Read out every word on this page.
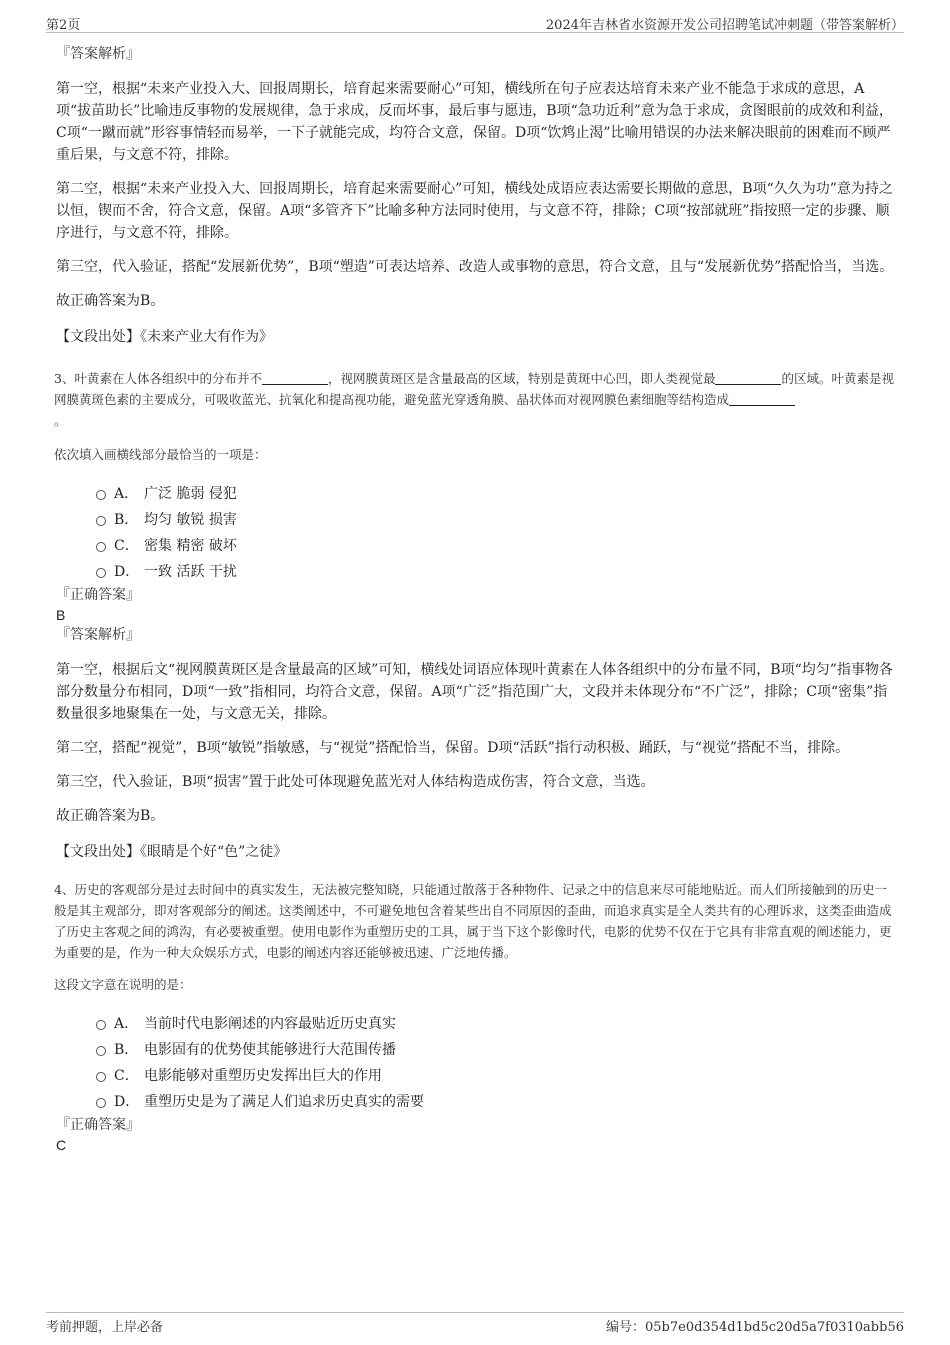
第2页	2024年吉林省水资源开发公司招聘笔试冲刺题（带答案解析）

『答案解析』

第一空，根据“未来产业投入大、回报周期长，培育起来需要耐心”可知，横线所在句子应表达培育未来产业不能急于求成的意思，A项“拔苗助长”比喻违反事物的发展规律，急于求成，反而坏事，最后事与愿违，B项“急功近利”意为急于求成，贪图眼前的成效和利益，C项“一蹴而就”形容事情轻而易举，一下子就能完成，均符合文意，保留。D项“饮鸩止渴”比喻用错误的办法来解决眼前的困难而不顾严重后果，与文意不符，排除。

第二空，根据“未来产业投入大、回报周期长，培育起来需要耐心”可知，横线处成语应表达需要长期做的意思，B项“久久为功”意为持之以恒，锲而不舍，符合文意，保留。A项“多管齐下”比喻多种方法同时使用，与文意不符，排除；C项“按部就班”指按照一定的步骤、顺序进行，与文意不符，排除。

第三空，代入验证，搭配“发展新优势”，B项“塑造”可表达培养、改造人或事物的意思，符合文意，且与“发展新优势”搭配恰当，当选。

故正确答案为B。

【文段出处】《未来产业大有作为》

3、叶黄素在人体各组织中的分布并不	，视网膜黄斑区是含量最高的区域，特别是黄斑中心凹，即人类视觉最	的区域。叶黄素是视网膜黄斑色素的主要成分，可吸收蓝光、抗氧化和提高视功能，避免蓝光穿透角膜、晶状体而对视网膜色素细胞等结构造成
。

依次填入画横线部分最恰当的一项是：

A． 广泛 脆弱 侵犯
B． 均匀 敏锐 损害
C． 密集 精密 破坏
D． 一致 活跃 干扰

『正确答案』

B

『答案解析』

第一空，根据后文“视网膜黄斑区是含量最高的区域”可知，横线处词语应体现叶黄素在人体各组织中的分布量不同，B项“均匀”指事物各部分数量分布相同，D项“一致”指相同，均符合文意，保留。A项“广泛”指范围广大，文段并未体现分布“不广泛”，排除；C项“密集”指数量很多地聚集在一处，与文意无关，排除。

第二空，搭配“视觉”，B项“敏锐”指敏感，与“视觉”搭配恰当，保留。D项“活跃”指行动积极、踊跃，与“视觉”搭配不当，排除。

第三空，代入验证，B项“损害”置于此处可体现避免蓝光对人体结构造成伤害，符合文意，当选。

故正确答案为B。

【文段出处】《眼睛是个好“色”之徒》

4、历史的客观部分是过去时间中的真实发生，无法被完整知晓，只能通过散落于各种物件、记录之中的信息来尽可能地贴近。而人们所接触到的历史一般是其主观部分，即对客观部分的阐述。这类阐述中，不可避免地包含着某些出自不同原因的歪曲，而追求真实是全人类共有的心理诉求，这类歪曲造成了历史主客观之间的鸿沟，有必要被重塑。使用电影作为重塑历史的工具，属于当下这个影像时代，电影的优势不仅在于它具有非常直观的阐述能力，更为重要的是，作为一种大众娱乐方式，电影的阐述内容还能够被迅速、广泛地传播。

这段文字意在说明的是：

A． 当前时代电影阐述的内容最贴近历史真实
B． 电影固有的优势使其能够进行大范围传播
C． 电影能够对重塑历史发挥出巨大的作用
D． 重塑历史是为了满足人们追求历史真实的需要

『正确答案』

C

考前押题，上岸必备	编号：05b7e0d354d1bd5c20d5a7f0310abb56
